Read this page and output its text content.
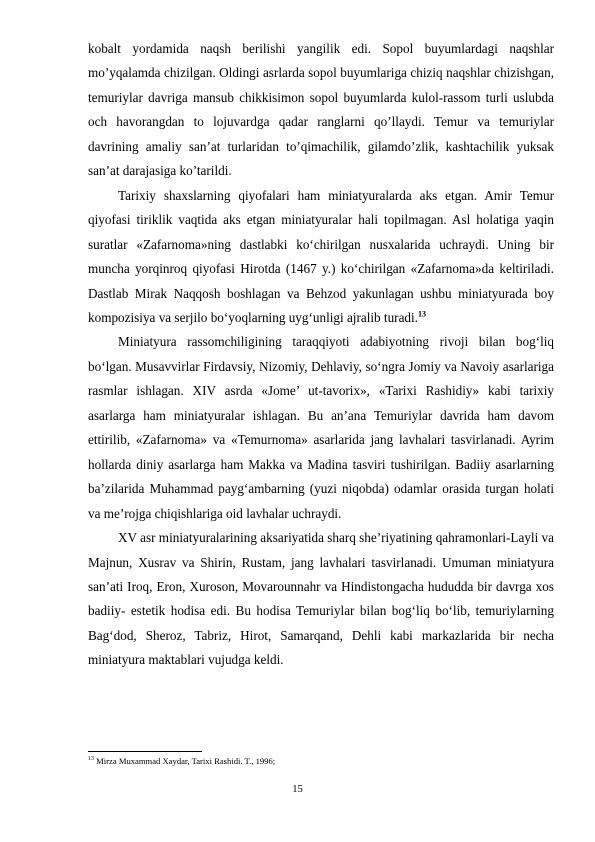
kobalt yordamida naqsh berilishi yangilik edi. Sopol buyumlardagi naqshlar mo’yqalamda chizilgan. Oldingi asrlarda sopol buyumlariga chiziq naqshlar chizishgan, temuriylar davriga mansub chikkisimon sopol buyumlarda kulol-rassom turli uslubda och havorangdan to lojuvardga qadar ranglarni qo’llaydi. Temur va temuriylar davrining amaliy san’at turlaridan to’qimachilik, gilamdo’zlik, kashtachilik yuksak san’at darajasiga ko’tarildi.

Tarixiy shaxslarning qiyofalari ham miniatyuralarda aks etgan. Amir Temur qiyofasi tiriklik vaqtida aks etgan miniatyuralar hali topilmagan. Asl holatiga yaqin suratlar «Zafarnoma»ning dastlabki ko‘chirilgan nusxalarida uchraydi. Uning bir muncha yorqinroq qiyofasi Hirotda (1467 y.) ko‘chirilgan «Zafarnoma»da keltiriladi. Dastlab Mirak Naqqosh boshlagan va Behzod yakunlagan ushbu miniatyurada boy kompozisiya va serjilo bo‘yoqlarning uyg‘unligi ajralib turadi.$^{13}$

Miniatyura rassomchiligining taraqqiyoti adabiyotning rivoji bilan bog‘liq bo‘lgan. Musavvirlar Firdavsiy, Nizomiy, Dehlaviy, so‘ngra Jomiy va Navoiy asarlariga rasmlar ishlagan. XIV asrda «Jome’ ut-tavorix», «Tarixi Rashidiy» kabi tarixiy asarlarga ham miniatyuralar ishlagan. Bu an’ana Temuriylar davrida ham davom ettirilib, «Zafarnoma» va «Temurnoma» asarlarida jang lavhalari tasvirlanadi. Ayrim hollarda diniy asarlarga ham Makka va Madina tasviri tushirilgan. Badiiy asarlarning ba’zilarida Muhammad payg‘ambarning (yuzi niqobda) odamlar orasida turgan holati va me’rojga chiqishlariga oid lavhalar uchraydi.

XV asr miniatyuralarining aksariyatida sharq she’riyatining qahramonlari-Layli va Majnun, Xusrav va Shirin, Rustam, jang lavhalari tasvirlanadi. Umuman miniatyura san’ati Iroq, Eron, Xuroson, Movarounnahr va Hindistongacha hududda bir davrga xos badiiy- estetik hodisa edi. Bu hodisa Temuriylar bilan bog‘liq bo‘lib, temuriylarning Bag‘dod, Sheroz, Tabriz, Hirot, Samarqand, Dehli kabi markazlarida bir necha miniatyura maktablari vujudga keldi.

$^{13}$ Mirza Muxammad Xaydar, Tarixi Rashidi. T., 1996;
15
